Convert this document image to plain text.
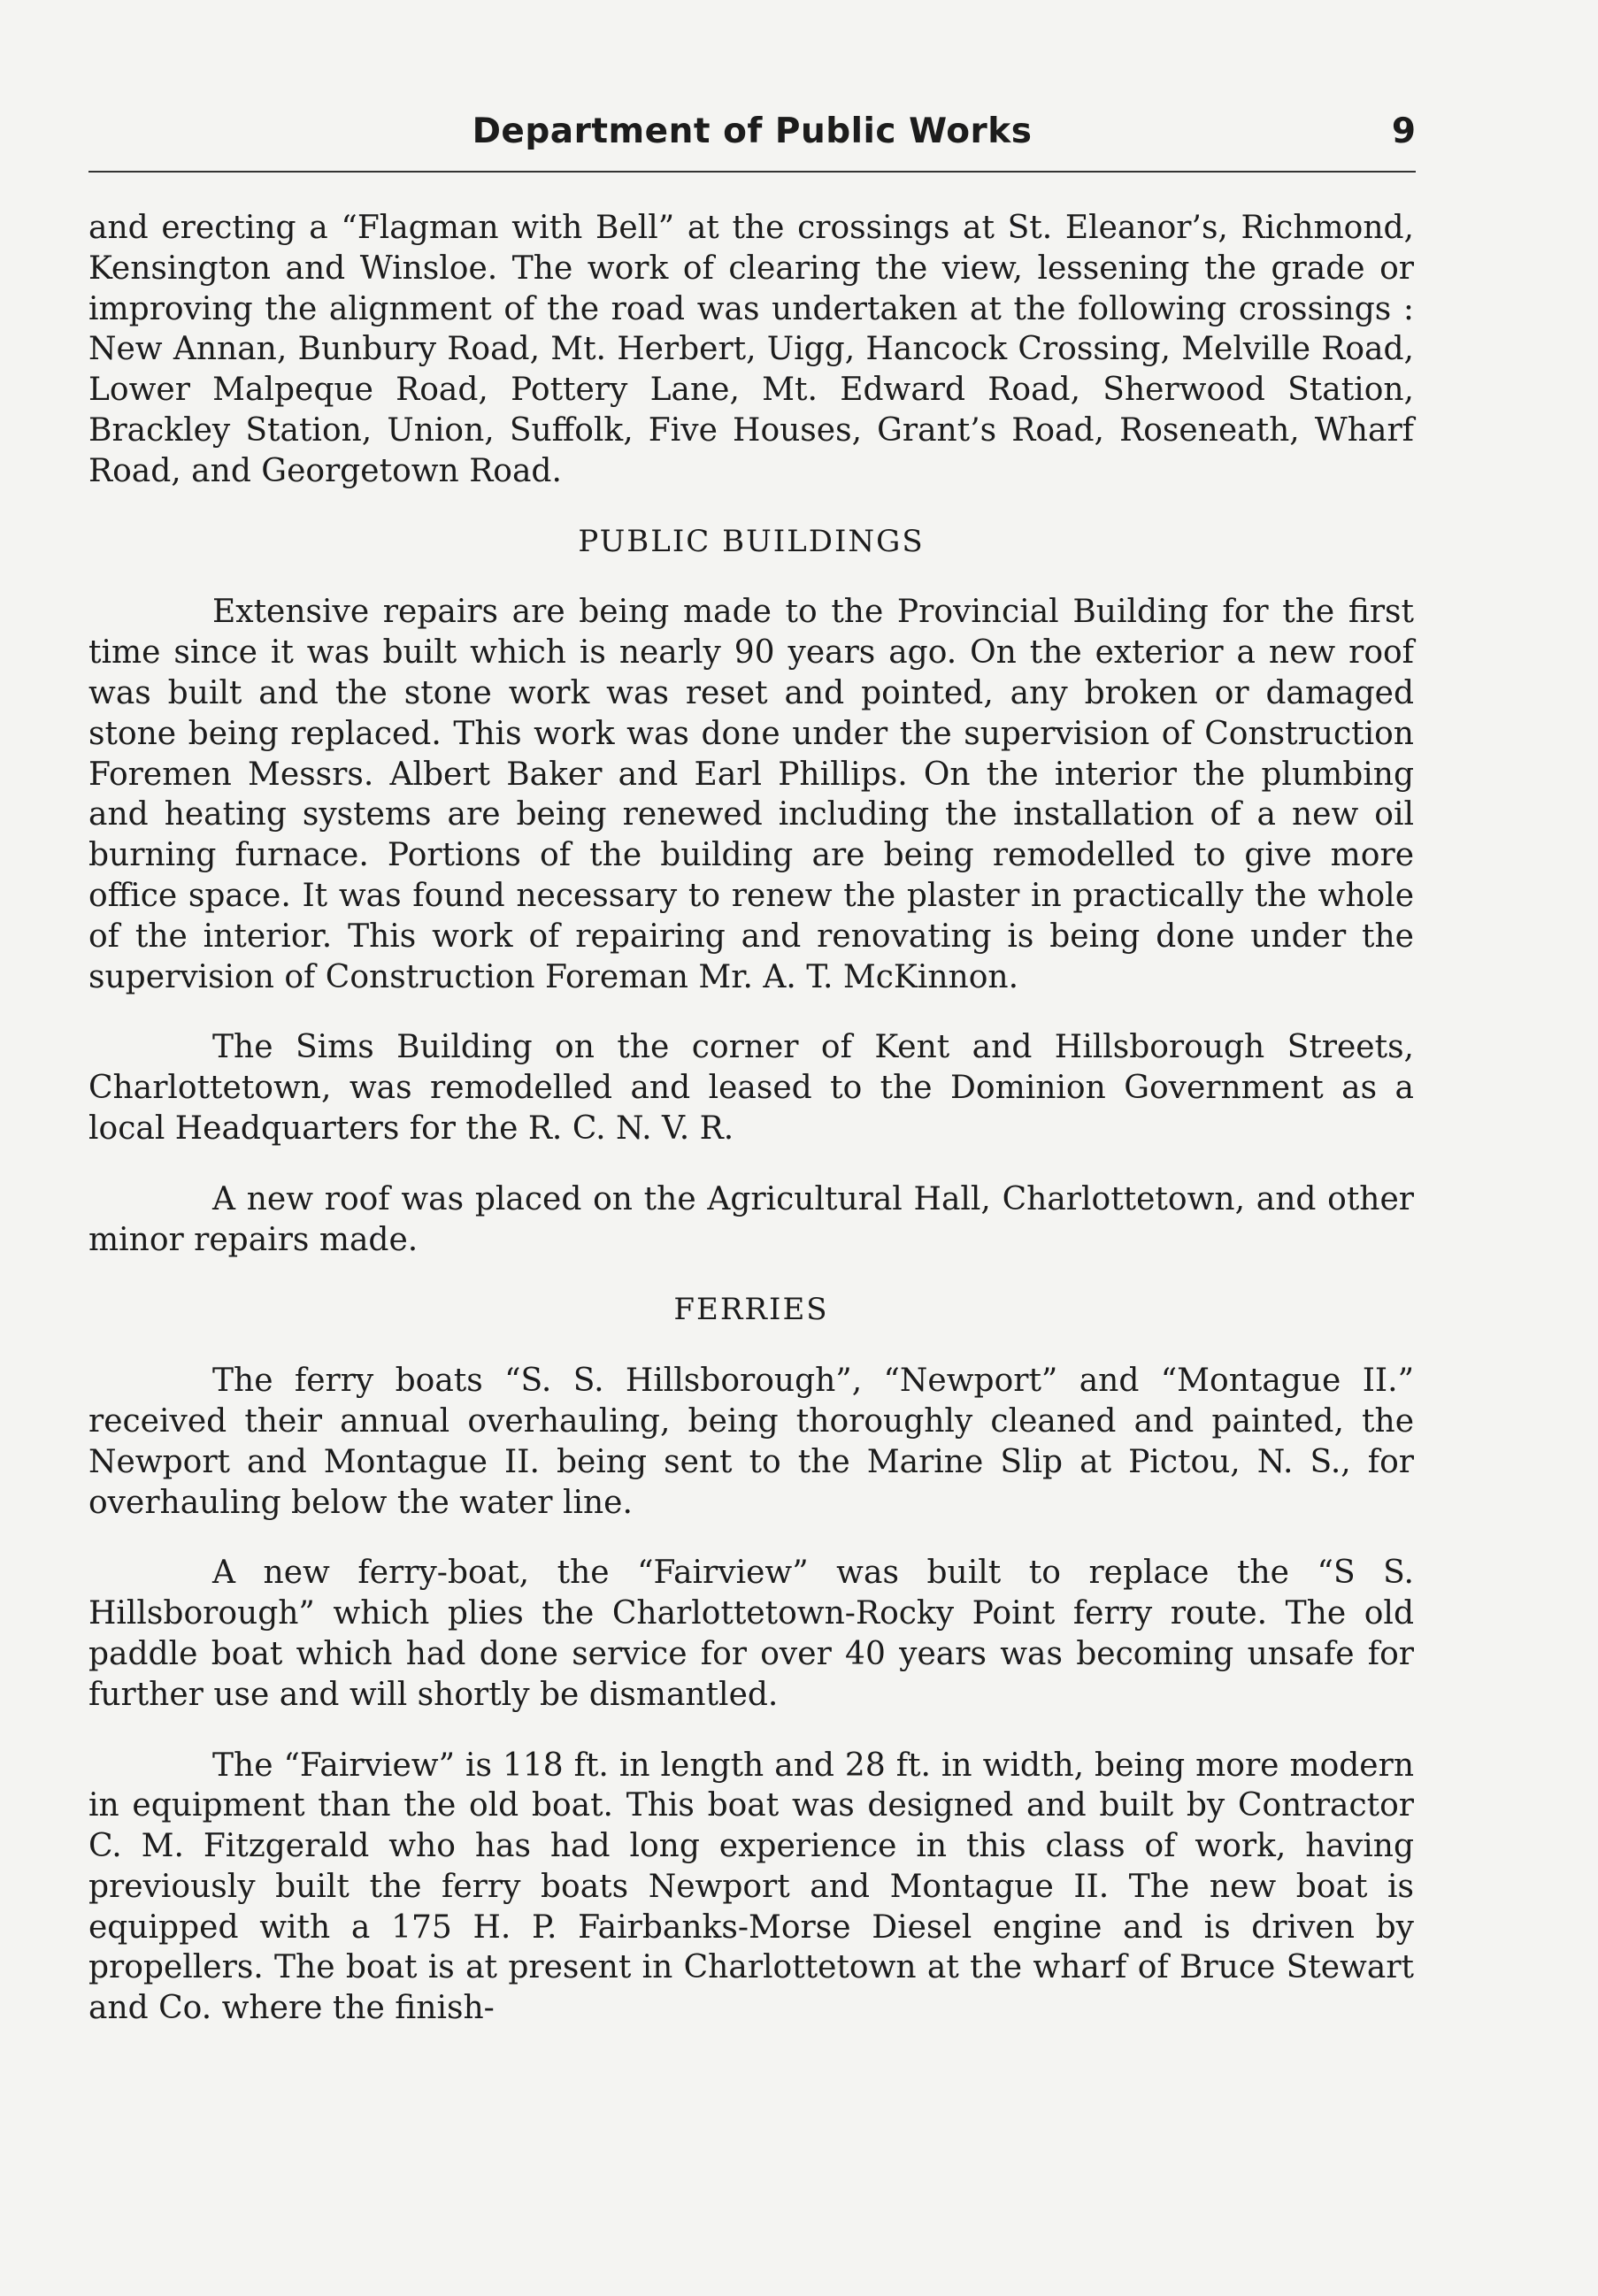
Department of Public Works	9

and erecting a “Flagman with Bell” at the crossings at St. Eleanor’s, Richmond, Kensington and Winsloe. The work of clearing the view, lessening the grade or improving the alignment of the road was undertaken at the following crossings : New Annan, Bunbury Road, Mt. Herbert, Uigg, Hancock Crossing, Melville Road, Lower Malpeque Road, Pottery Lane, Mt. Edward Road, Sherwood Station, Brackley Station, Union, Suffolk, Five Houses, Grant’s Road, Roseneath, Wharf Road, and Georgetown Road.

PUBLIC BUILDINGS

Extensive repairs are being made to the Provincial Building for the first time since it was built which is nearly 90 years ago. On the exterior a new roof was built and the stone work was reset and pointed, any broken or damaged stone being replaced. This work was done under the supervision of Construction Foremen Messrs. Albert Baker and Earl Phillips. On the interior the plumbing and heating systems are being renewed including the installation of a new oil burning furnace. Portions of the building are being remodelled to give more office space. It was found necessary to renew the plaster in practically the whole of the interior. This work of repairing and renovating is being done under the supervision of Construction Foreman Mr. A. T. McKinnon.

The Sims Building on the corner of Kent and Hillsborough Streets, Charlottetown, was remodelled and leased to the Dominion Government as a local Headquarters for the R. C. N. V. R.

A new roof was placed on the Agricultural Hall, Charlottetown, and other minor repairs made.

FERRIES

The ferry boats “S. S. Hillsborough”, “Newport” and “Montague II.” received their annual overhauling, being thoroughly cleaned and painted, the Newport and Montague II. being sent to the Marine Slip at Pictou, N. S., for overhauling below the water line.

A new ferry-boat, the “Fairview” was built to replace the “S S. Hillsborough” which plies the Charlottetown-Rocky Point ferry route. The old paddle boat which had done service for over 40 years was becoming unsafe for further use and will shortly be dismantled.

The “Fairview” is 118 ft. in length and 28 ft. in width, being more modern in equipment than the old boat. This boat was designed and built by Contractor C. M. Fitzgerald who has had long experience in this class of work, having previously built the ferry boats Newport and Montague II. The new boat is equipped with a 175 H. P. Fairbanks-Morse Diesel engine and is driven by propellers. The boat is at present in Charlottetown at the wharf of Bruce Stewart and Co. where the finish-
